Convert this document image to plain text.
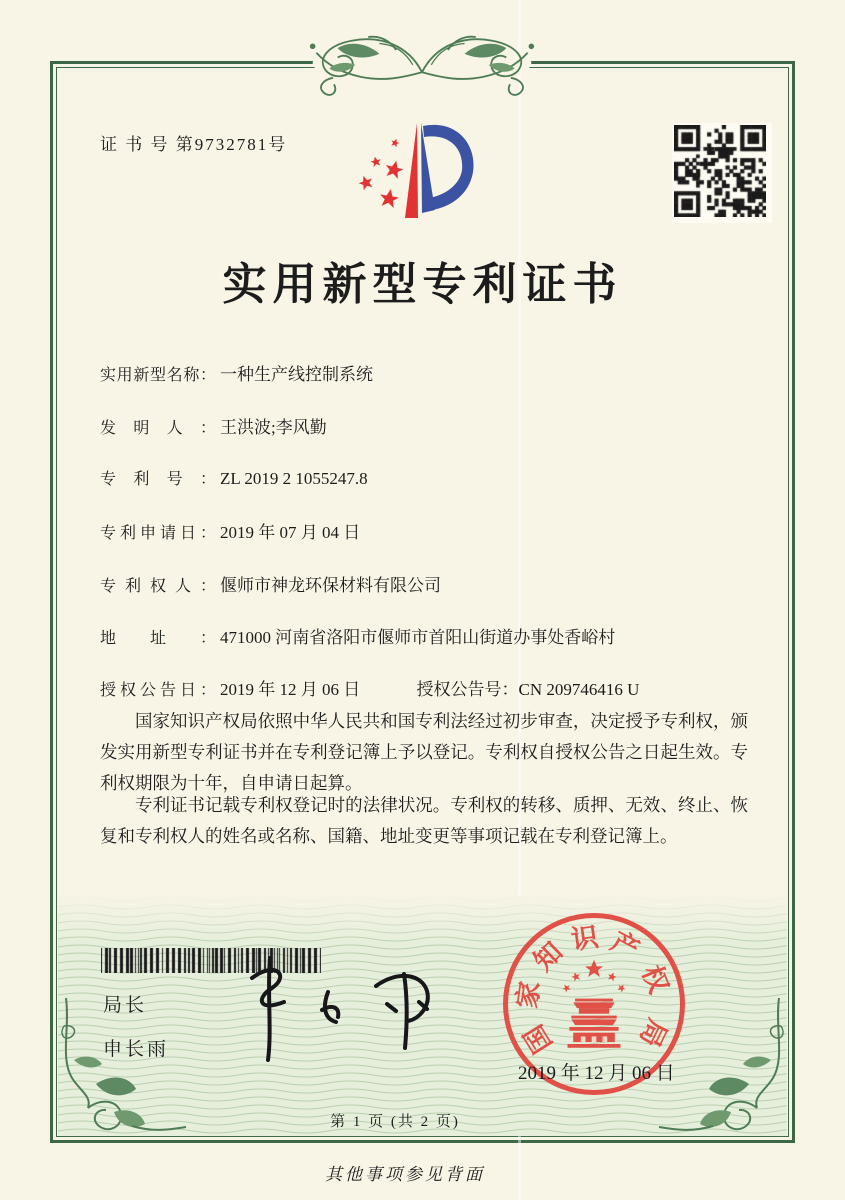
证 书 号 第9732781号
实用新型专利证书
实用新型名称： 一种生产线控制系统
发明人： 王洪波;李风勤
专利号： ZL 2019 2 1055247.8
专利申请日： 2019 年 07 月 04 日
专利权人： 偃师市神龙环保材料有限公司
地址： 471000 河南省洛阳市偃师市首阳山街道办事处香峪村
授权公告日： 2019 年 12 月 06 日	授权公告号：CN 209746416 U
国家知识产权局依照中华人民共和国专利法经过初步审查，决定授予专利权，颁发实用新型专利证书并在专利登记簿上予以登记。专利权自授权公告之日起生效。专利权期限为十年，自申请日起算。
专利证书记载专利权登记时的法律状况。专利权的转移、质押、无效、终止、恢复和专利权人的姓名或名称、国籍、地址变更等事项记载在专利登记簿上。
局长
申长雨	国
家
知 识 产
权
局
2019 年 12 月 06 日
第 1 页 (共 2 页)
其他事项参见背面
